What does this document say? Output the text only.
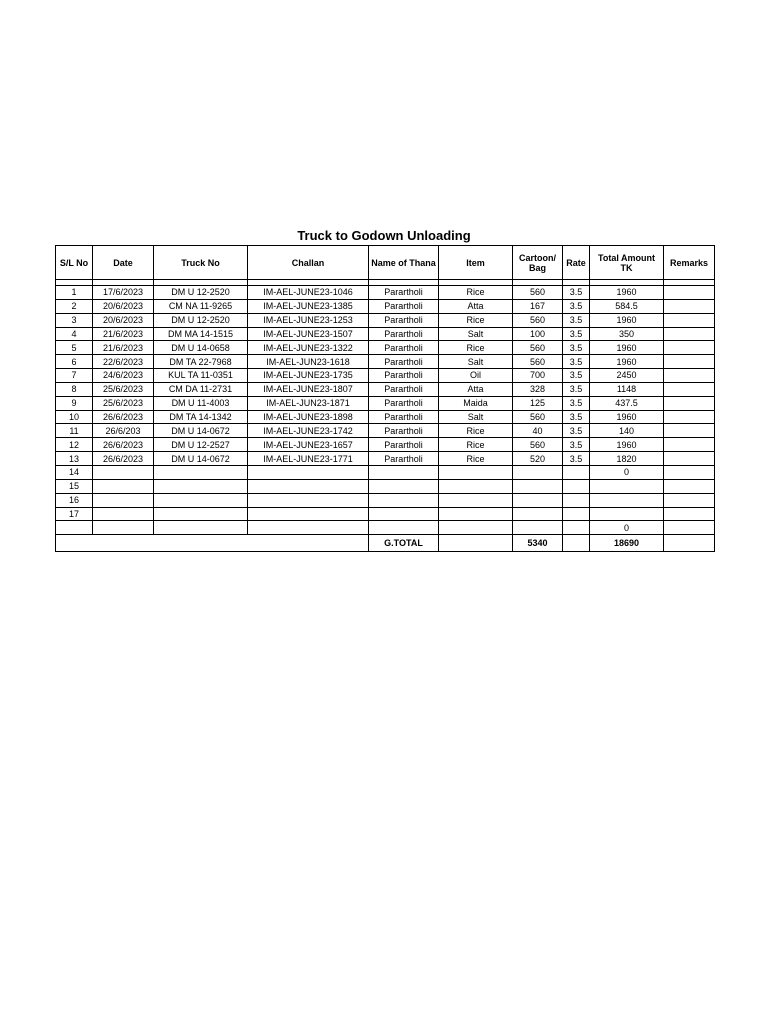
Truck to Godown Unloading
S/L No	Date	Truck No	Challan	Name of Thana	Item	Cartoon/ Bag	Rate	Total Amount TK	Remarks

1	17/6/2023	DM U 12-2520	IM-AEL-JUNE23-1046	Parartholi	Rice	560	3.5	1960	
2	20/6/2023	CM NA 11-9265	IM-AEL-JUNE23-1385	Parartholi	Atta	167	3.5	584.5	
3	20/6/2023	DM U 12-2520	IM-AEL-JUNE23-1253	Parartholi	Rice	560	3.5	1960	
4	21/6/2023	DM MA 14-1515	IM-AEL-JUNE23-1507	Parartholi	Salt	100	3.5	350	
5	21/6/2023	DM U 14-0658	IM-AEL-JUNE23-1322	Parartholi	Rice	560	3.5	1960	
6	22/6/2023	DM TA 22-7968	IM-AEL-JUN23-1618	Parartholi	Salt	560	3.5	1960	
7	24/6/2023	KUL TA 11-0351	IM-AEL-JUNE23-1735	Parartholi	Oil	700	3.5	2450	
8	25/6/2023	CM DA 11-2731	IM-AEL-JUNE23-1807	Parartholi	Atta	328	3.5	1148	
9	25/6/2023	DM U 11-4003	IM-AEL-JUN23-1871	Parartholi	Maida	125	3.5	437.5	
10	26/6/2023	DM TA 14-1342	IM-AEL-JUNE23-1898	Parartholi	Salt	560	3.5	1960	
11	26/6/203	DM U 14-0672	IM-AEL-JUNE23-1742	Parartholi	Rice	40	3.5	140	
12	26/6/2023	DM U 12-2527	IM-AEL-JUNE23-1657	Parartholi	Rice	560	3.5	1960	
13	26/6/2023	DM U 14-0672	IM-AEL-JUNE23-1771	Parartholi	Rice	520	3.5	1820	
14								0	
15									
16									
17									
								0	
				G.TOTAL		5340		18690	
